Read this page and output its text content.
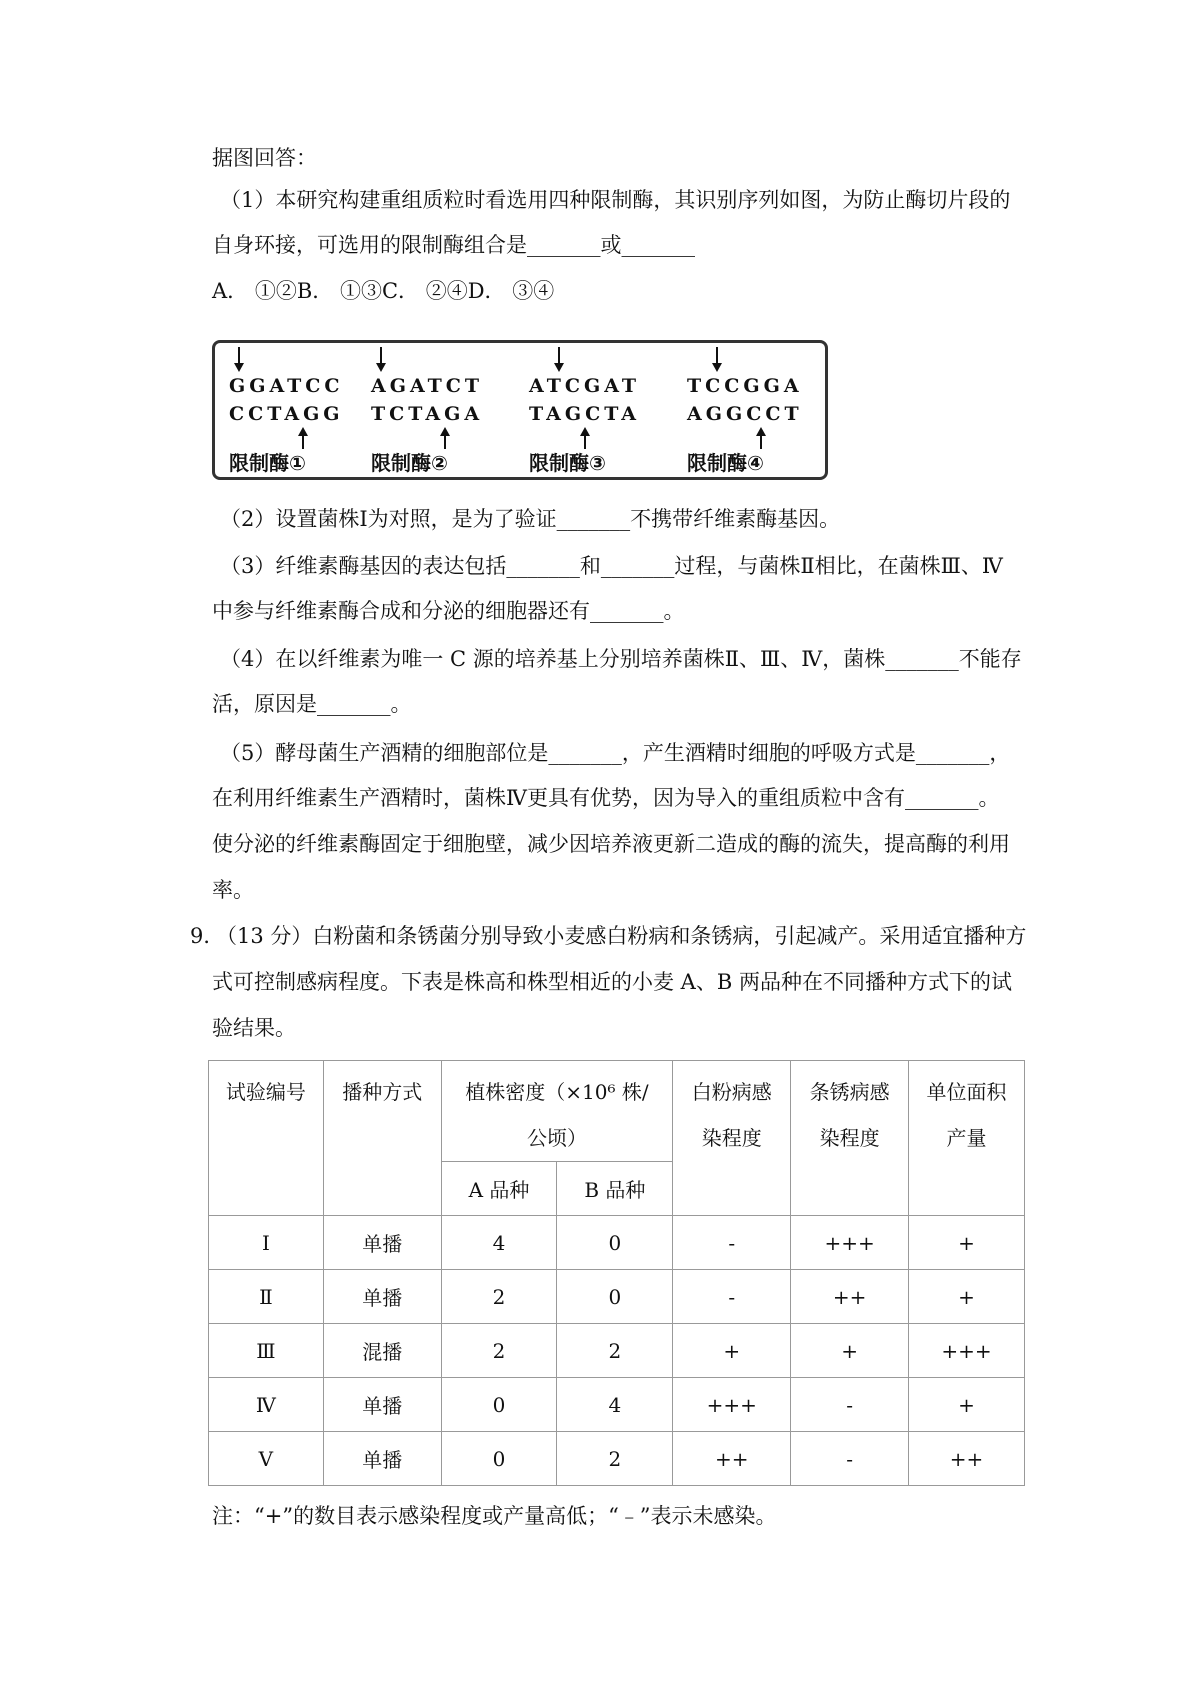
据图回答：
（1）本研究构建重组质粒时看选用四种限制酶，其识别序列如图，为防止酶切片段的
自身环接，可选用的限制酶组合是_______或_______
A． ①②B． ①③C． ②④D． ③④
GGATCC
CCTAGG
限制酶①
AGATCT
TCTAGA
限制酶②
ATCGAT
TAGCTA
限制酶③
TCCGGA
AGGCCT
限制酶④
（2）设置菌株Ⅰ为对照，是为了验证_______不携带纤维素酶基因。
（3）纤维素酶基因的表达包括_______和_______过程，与菌株Ⅱ相比，在菌株Ⅲ、Ⅳ
中参与纤维素酶合成和分泌的细胞器还有_______。
（4）在以纤维素为唯一 C 源的培养基上分别培养菌株Ⅱ、Ⅲ、Ⅳ，菌株_______不能存
活，原因是_______。
（5）酵母菌生产酒精的细胞部位是_______，产生酒精时细胞的呼吸方式是_______，
在利用纤维素生产酒精时，菌株Ⅳ更具有优势，因为导入的重组质粒中含有_______。
使分泌的纤维素酶固定于细胞壁，减少因培养液更新二造成的酶的流失，提高酶的利用
率。
9．
（13 分）白粉菌和条锈菌分别导致小麦感白粉病和条锈病，引起减产。采用适宜播种方
式可控制感病程度。下表是株高和株型相近的小麦 A、B 两品种在不同播种方式下的试
验结果。
试验编号	播种方式	植株密度（×10⁶ 株/公顷）		白粉病感染程度	条锈病感染程度	单位面积产量
		A 品种	B 品种			
Ⅰ	单播	4	0	-	+++	+
Ⅱ	单播	2	0	-	++	+
Ⅲ	混播	2	2	+	+	+++
Ⅳ	单播	0	4	+++	-	+
Ⅴ	单播	0	2	++	-	++
注：“+”的数目表示感染程度或产量高低；“﹣”表示未感染。
